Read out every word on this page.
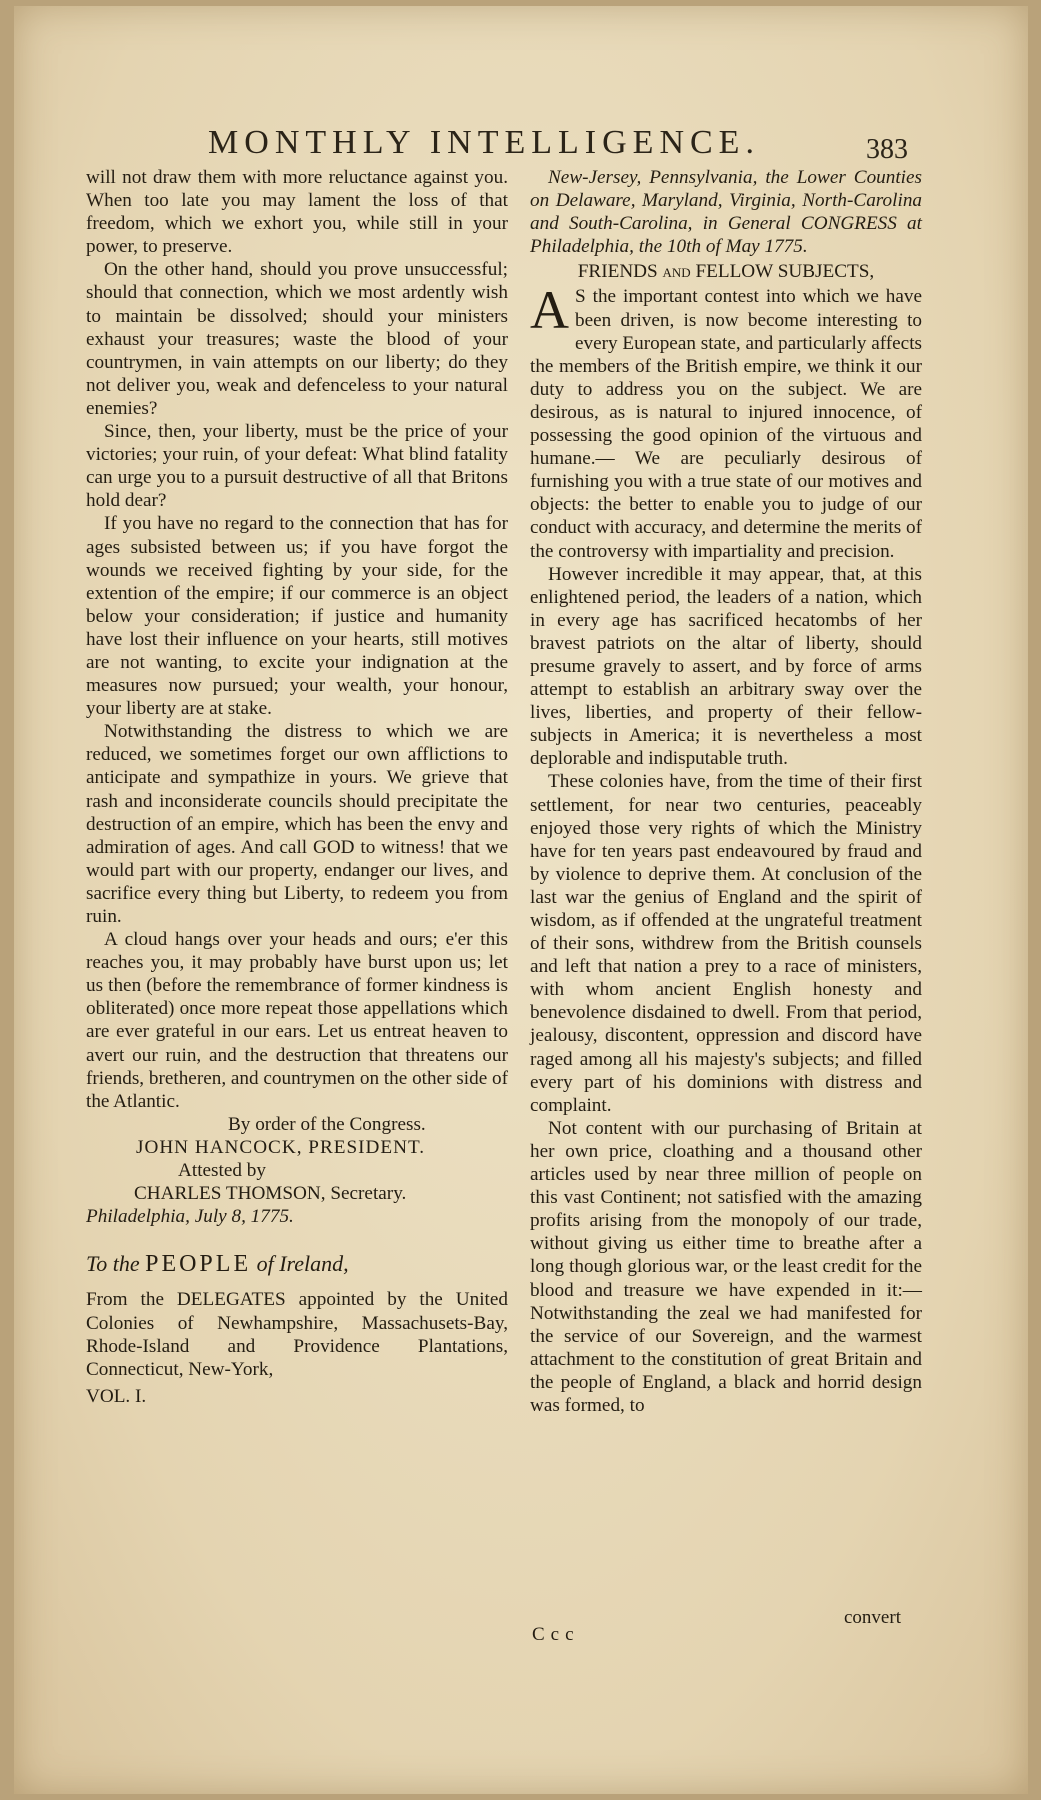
MONTHLY INTELLIGENCE.	383

will not draw them with more reluctance against you. When too late you may lament the loss of that freedom, which we exhort you, while still in your power, to preserve.

On the other hand, should you prove unsuccessful; should that connection, which we most ardently wish to maintain be dissolved; should your ministers exhaust your treasures; waste the blood of your countrymen, in vain attempts on our liberty; do they not deliver you, weak and defenceless to your natural enemies?

Since, then, your liberty, must be the price of your victories; your ruin, of your defeat: What blind fatality can urge you to a pursuit destructive of all that Britons hold dear?

If you have no regard to the connection that has for ages subsisted between us; if you have forgot the wounds we received fighting by your side, for the extention of the empire; if our commerce is an object below your consideration; if justice and humanity have lost their influence on your hearts, still motives are not wanting, to excite your indignation at the measures now pursued; your wealth, your honour, your liberty are at stake.

Notwithstanding the distress to which we are reduced, we sometimes forget our own afflictions to anticipate and sympathize in yours. We grieve that rash and inconsiderate councils should precipitate the destruction of an empire, which has been the envy and admiration of ages. And call GOD to witness! that we would part with our property, endanger our lives, and sacrifice every thing but Liberty, to redeem you from ruin.

A cloud hangs over your heads and ours; e'er this reaches you, it may probably have burst upon us; let us then (before the remembrance of former kindness is obliterated) once more repeat those appellations which are ever grateful in our ears. Let us entreat heaven to avert our ruin, and the destruction that threatens our friends, bretheren, and countrymen on the other side of the Atlantic.

By order of the Congress.
JOHN HANCOCK, PRESIDENT.
Attested by
CHARLES THOMSON, Secretary.
Philadelphia, July 8, 1775.
To the PEOPLE of Ireland,

From the DELEGATES appointed by the United Colonies of Newhampshire, Massachusets-Bay, Rhode-Island and Providence Plantations, Connecticut, New-York,

VOL. I.

New-Jersey, Pennsylvania, the Lower Counties on Delaware, Maryland, Virginia, North-Carolina and South-Carolina, in General CONGRESS at Philadelphia, the 10th of May 1775.

FRIENDS and FELLOW SUBJECTS,

A S the important contest into which we have been driven, is now become interesting to every European state, and particularly affects the members of the British empire, we think it our duty to address you on the subject. We are desirous, as is natural to injured innocence, of possessing the good opinion of the virtuous and humane.— We are peculiarly desirous of furnishing you with a true state of our motives and objects: the better to enable you to judge of our conduct with accuracy, and determine the merits of the controversy with impartiality and precision.

However incredible it may appear, that, at this enlightened period, the leaders of a nation, which in every age has sacrificed hecatombs of her bravest patriots on the altar of liberty, should presume gravely to assert, and by force of arms attempt to establish an arbitrary sway over the lives, liberties, and property of their fellow-subjects in America; it is nevertheless a most deplorable and indisputable truth.

These colonies have, from the time of their first settlement, for near two centuries, peaceably enjoyed those very rights of which the Ministry have for ten years past endeavoured by fraud and by violence to deprive them. At conclusion of the last war the genius of England and the spirit of wisdom, as if offended at the ungrateful treatment of their sons, withdrew from the British counsels and left that nation a prey to a race of ministers, with whom ancient English honesty and benevolence disdained to dwell. From that period, jealousy, discontent, oppression and discord have raged among all his majesty's subjects; and filled every part of his dominions with distress and complaint.

Not content with our purchasing of Britain at her own price, cloathing and a thousand other articles used by near three million of people on this vast Continent; not satisfied with the amazing profits arising from the monopoly of our trade, without giving us either time to breathe after a long though glorious war, or the least credit for the blood and treasure we have expended in it:—Notwithstanding the zeal we had manifested for the service of our Sovereign, and the warmest attachment to the constitution of great Britain and the people of England, a black and horrid design was formed, to

Ccc
convert
